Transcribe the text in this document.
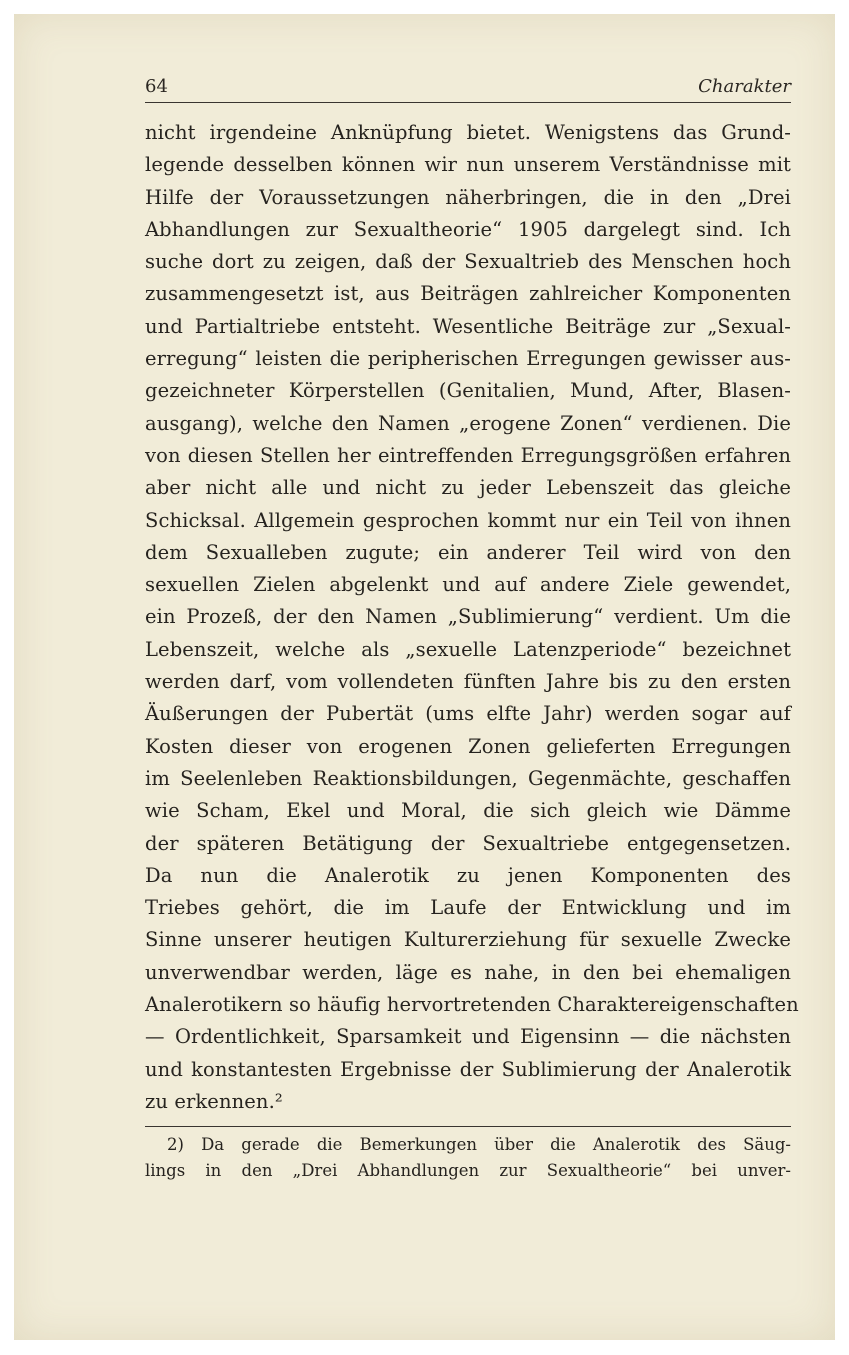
64	Charakter
nicht irgendeine Anknüpfung bietet. Wenigstens das Grund-
legende desselben können wir nun unserem Verständnisse mit
Hilfe der Voraussetzungen näherbringen, die in den „Drei
Abhandlungen zur Sexualtheorie“ 1905 dargelegt sind. Ich
suche dort zu zeigen, daß der Sexualtrieb des Menschen hoch
zusammengesetzt ist, aus Beiträgen zahlreicher Komponenten
und Partialtriebe entsteht. Wesentliche Beiträge zur „Sexual-
erregung“ leisten die peripherischen Erregungen gewisser aus-
gezeichneter Körperstellen (Genitalien, Mund, After, Blasen-
ausgang), welche den Namen „erogene Zonen“ verdienen. Die
von diesen Stellen her eintreffenden Erregungsgrößen erfahren
aber nicht alle und nicht zu jeder Lebenszeit das gleiche
Schicksal. Allgemein gesprochen kommt nur ein Teil von ihnen
dem Sexualleben zugute; ein anderer Teil wird von den
sexuellen Zielen abgelenkt und auf andere Ziele gewendet,
ein Prozeß, der den Namen „Sublimierung“ verdient. Um die
Lebenszeit, welche als „sexuelle Latenzperiode“ bezeichnet
werden darf, vom vollendeten fünften Jahre bis zu den ersten
Äußerungen der Pubertät (ums elfte Jahr) werden sogar auf
Kosten dieser von erogenen Zonen gelieferten Erregungen
im Seelenleben Reaktionsbildungen, Gegenmächte, geschaffen
wie Scham, Ekel und Moral, die sich gleich wie Dämme
der späteren Betätigung der Sexualtriebe entgegensetzen.
Da nun die Analerotik zu jenen Komponenten des
Triebes gehört, die im Laufe der Entwicklung und im
Sinne unserer heutigen Kulturerziehung für sexuelle Zwecke
unverwendbar werden, läge es nahe, in den bei ehemaligen
Analerotikern so häufig hervortretenden Charaktereigenschaften
— Ordentlichkeit, Sparsamkeit und Eigensinn — die nächsten
und konstantesten Ergebnisse der Sublimierung der Analerotik
zu erkennen.²
2) Da gerade die Bemerkungen über die Analerotik des Säug-
lings in den „Drei Abhandlungen zur Sexualtheorie“ bei unver-
